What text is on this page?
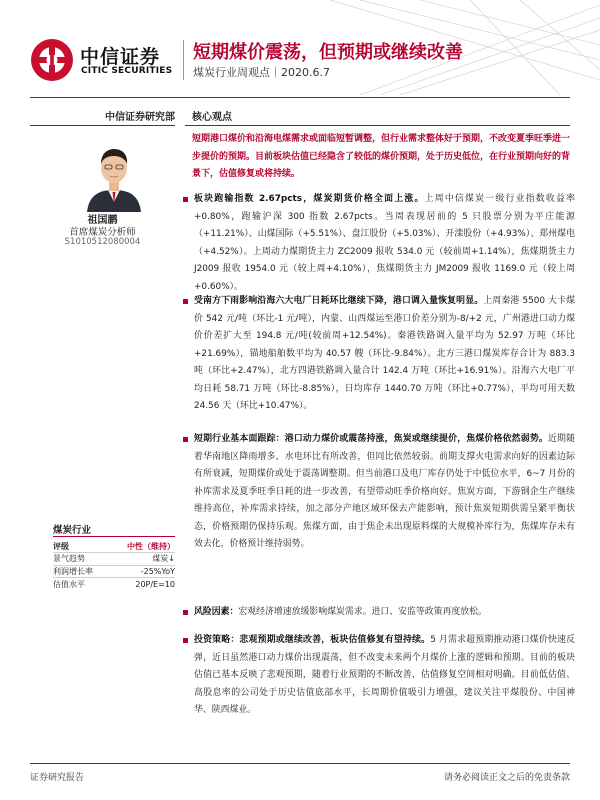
中信证券
CITIC SECURITIES
短期煤价震荡，但预期或继续改善
煤炭行业周观点｜2020.6.7
中信证券研究部
祖国鹏
首席煤炭分析师
S1010512080004
煤炭行业
评级	中性（维持）
景气趋势	煤炭↓
利润增长率	-25%YoY
估值水平	20P/E=10
核心观点
短期港口煤价和沿海电煤需求或面临短暂调整，但行业需求整体好于预期，不改变夏季旺季进一步提价的预期。目前板块估值已经隐含了较低的煤价预期，处于历史低位，在行业预期向好的背景下，估值修复或将持续。
板块跑输指数 2.67pcts，煤炭期货价格全面上涨。上周中信煤炭一级行业指数收益率+0.80%，跑输沪深 300 指数 2.67pcts。当周表现居前的 5 只股票分别为平庄能源（+11.21%）、山煤国际（+5.51%）、盘江股份（+5.03%）、开滦股份（+4.93%）、郑州煤电（+4.52%）。上周动力煤期货主力 ZC2009 报收 534.0 元（较前周+1.14%），焦煤期货主力 J2009 报收 1954.0 元（较上周+4.10%），焦煤期货主力 JM2009 报收 1169.0 元（较上周+0.60%）。
受南方下雨影响沿海六大电厂日耗环比继续下降，港口调入量恢复明显。上周秦港 5500 大卡煤价 542 元/吨（环比-1 元/吨），内蒙、山西煤运至港口价差分别为-8/+2 元，广州港进口动力煤价价差扩大至 194.8 元/吨(较前周+12.54%)。秦港铁路调入量平均为 52.97 万吨（环比+21.69%），锚地船舶数平均为 40.57 艘（环比-9.84%）。北方三港口煤炭库存合计为 883.3 吨（环比+2.47%），北方四港铁路调入量合计 142.4 万吨（环比+16.91%）。沿海六大电厂平均日耗 58.71 万吨（环比-8.85%），日均库存 1440.70 万吨（环比+0.77%），平均可用天数 24.56 天（环比+10.47%）。
短期行业基本面跟踪：港口动力煤价或震荡持涨，焦炭或继续提价，焦煤价格依然弱势。近期随着华南地区降雨增多，水电环比有所改善，但同比依然较弱。前期支撑火电需求向好的因素边际有所衰减，短期煤价或处于震荡调整期。但当前港口及电厂库存仍处于中低位水平，6~7 月份的补库需求及夏季旺季日耗的进一步改善，有望带动旺季价格向好。焦炭方面，下游钢企生产继续维持高位，补库需求持续，加之部分产地区域环保去产能影响，预计焦炭短期供需呈紧平衡状态，价格预期仍保持乐观。焦煤方面，由于焦企未出现原料煤的大规模补库行为，焦煤库存未有效去化，价格预计维持弱势。
风险因素：宏观经济增速放缓影响煤炭需求。进口、安监等政策再度放松。
投资策略：悲观预期或继续改善，板块估值修复有望持续。5 月需求超预期推动港口煤价快速反弹，近日虽然港口动力煤价出现震荡，但不改变未来两个月煤价上涨的逻辑和预期。目前的板块估值已基本反映了悲观预期，随着行业预期的不断改善，估值修复空间相对明确。目前低估值、高股息率的公司处于历史估值底部水平，长周期价值吸引力增强，建议关注平煤股份、中国神华、陕西煤业。
证券研究报告	请务必阅读正文之后的免责条款
